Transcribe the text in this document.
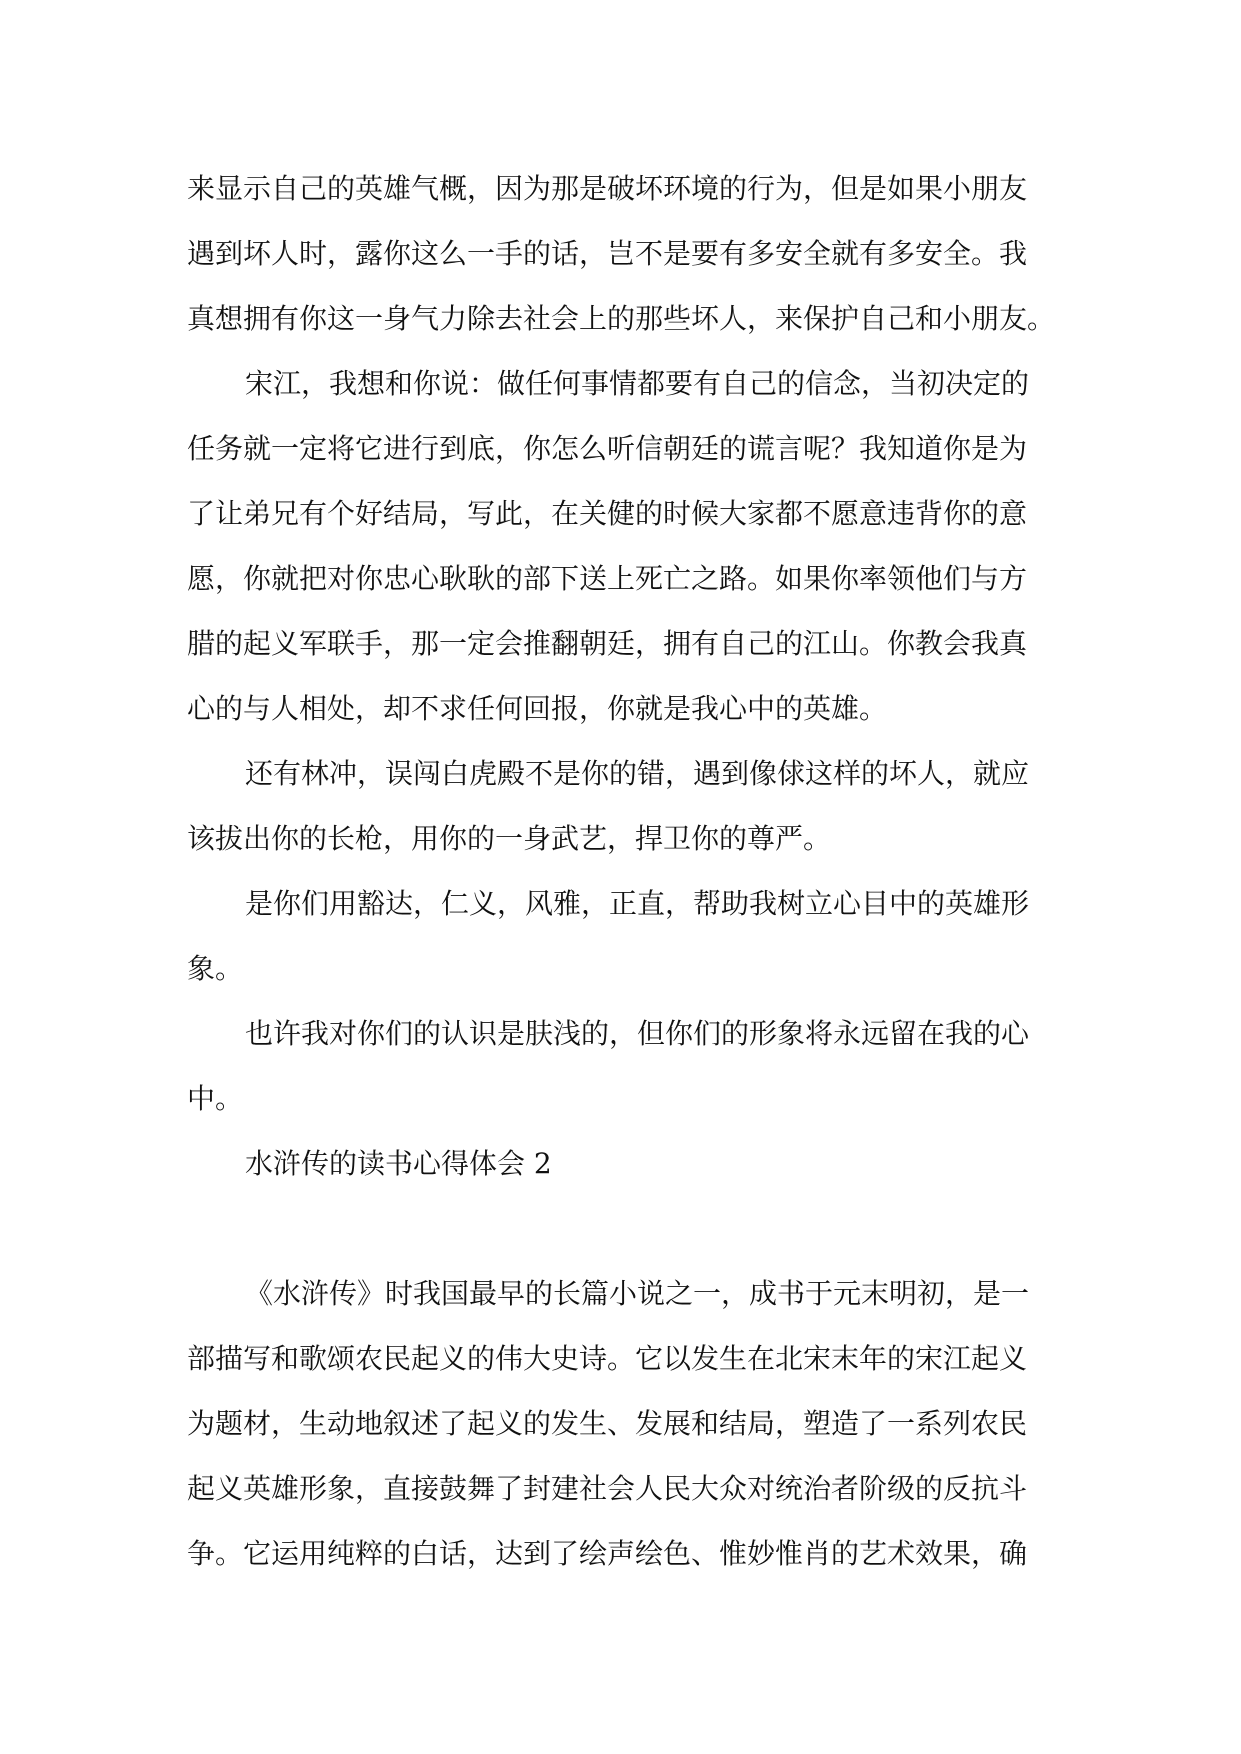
来显示自己的英雄气概，因为那是破坏环境的行为，但是如果小朋友
遇到坏人时，露你这么一手的话，岂不是要有多安全就有多安全。我
真想拥有你这一身气力除去社会上的那些坏人，来保护自己和小朋友。
宋江，我想和你说：做任何事情都要有自己的信念，当初决定的
任务就一定将它进行到底，你怎么听信朝廷的谎言呢？我知道你是为
了让弟兄有个好结局，写此，在关健的时候大家都不愿意违背你的意
愿，你就把对你忠心耿耿的部下送上死亡之路。如果你率领他们与方
腊的起义军联手，那一定会推翻朝廷，拥有自己的江山。你教会我真
心的与人相处，却不求任何回报，你就是我心中的英雄。
还有林冲，误闯白虎殿不是你的错，遇到像俅这样的坏人，就应
该拔出你的长枪，用你的一身武艺，捍卫你的尊严。
是你们用豁达，仁义，风雅，正直，帮助我树立心目中的英雄形
象。
也许我对你们的认识是肤浅的，但你们的形象将永远留在我的心
中。
水浒传的读书心得体会 2
《水浒传》时我国最早的长篇小说之一，成书于元末明初，是一
部描写和歌颂农民起义的伟大史诗。它以发生在北宋末年的宋江起义
为题材，生动地叙述了起义的发生、发展和结局，塑造了一系列农民
起义英雄形象，直接鼓舞了封建社会人民大众对统治者阶级的反抗斗
争。它运用纯粹的白话，达到了绘声绘色、惟妙惟肖的艺术效果，确
